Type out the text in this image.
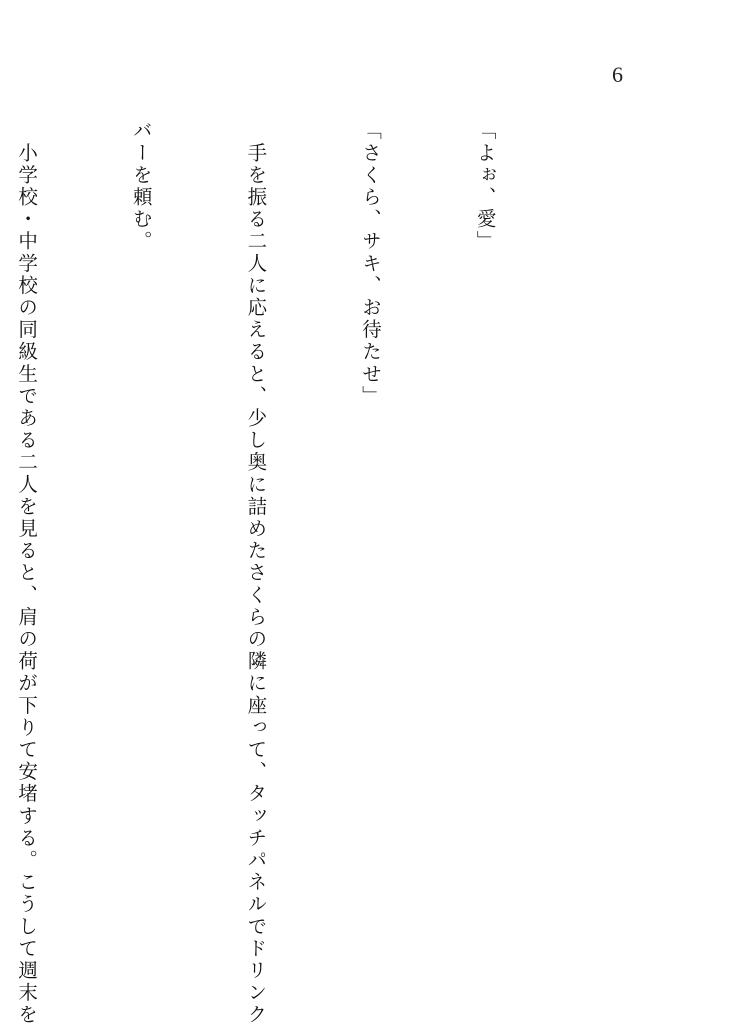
6

「よぉ、愛」

「さくら、サキ、お待たせ」

　手を振る二人に応えると、少し奥に詰めたさくらの隣に座って、タッチパネルでドリンク

バーを頼む。

　小学校・中学校の同級生である二人を見ると、肩の荷が下りて安堵する。こうして週末を
